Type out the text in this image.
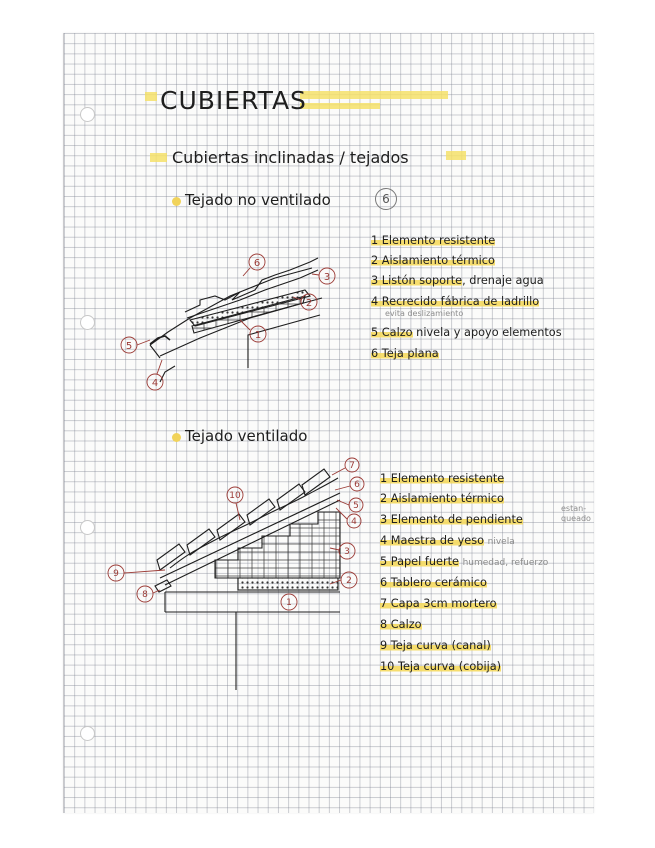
CUBIERTAS
Cubiertas inclinadas / tejados
Tejado no ventilado	6
1 Elemento resistente
2 Aislamiento térmico
3 Listón soporte, drenaje agua
4 Recrecido fábrica de ladrillo
evita deslizamiento
5 Calzo nivela y apoyo elementos
6 Teja plana
Tejado ventilado
1 Elemento resistente
2 Aislamiento térmico
3 Elemento de pendiente
estan-
queado
4 Maestra de yeso nivela
5 Papel fuerte humedad, refuerzo
6 Tablero cerámico
7 Capa 3cm mortero
8 Calzo
9 Teja curva (canal)
10 Teja curva (cobija)
6
3
2
1
5
4
7
6
5
4
10
3
9
8
2
1
